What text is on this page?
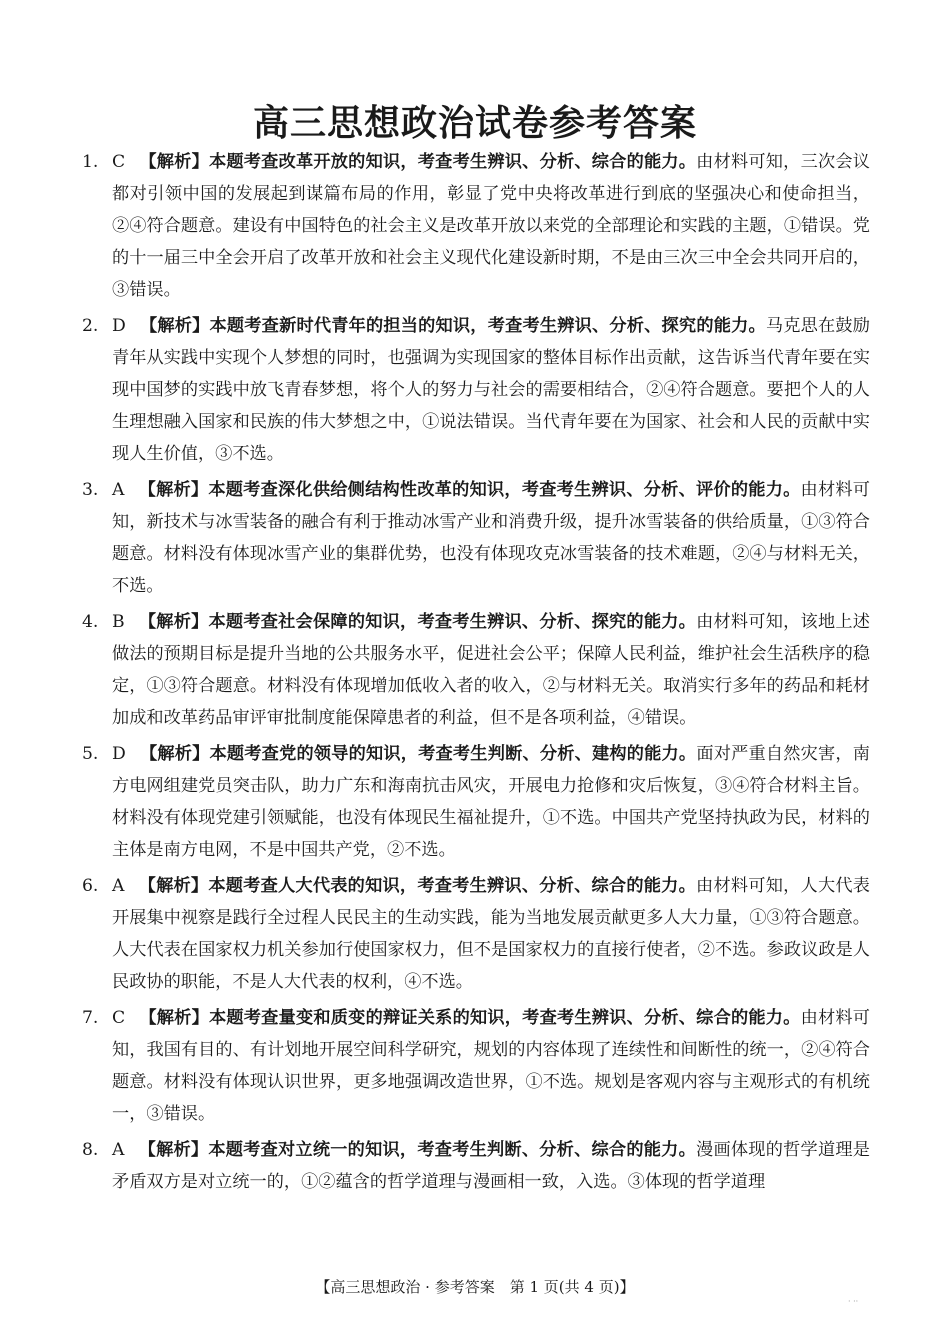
高三思想政治试卷参考答案
1. C 【解析】本题考查改革开放的知识，考查考生辨识、分析、综合的能力。由材料可知，三次会议都对引领中国的发展起到谋篇布局的作用，彰显了党中央将改革进行到底的坚强决心和使命担当，②④符合题意。建设有中国特色的社会主义是改革开放以来党的全部理论和实践的主题，①错误。党的十一届三中全会开启了改革开放和社会主义现代化建设新时期，不是由三次三中全会共同开启的，③错误。
2. D 【解析】本题考查新时代青年的担当的知识，考查考生辨识、分析、探究的能力。马克思在鼓励青年从实践中实现个人梦想的同时，也强调为实现国家的整体目标作出贡献，这告诉当代青年要在实现中国梦的实践中放飞青春梦想，将个人的努力与社会的需要相结合，②④符合题意。要把个人的人生理想融入国家和民族的伟大梦想之中，①说法错误。当代青年要在为国家、社会和人民的贡献中实现人生价值，③不选。
3. A 【解析】本题考查深化供给侧结构性改革的知识，考查考生辨识、分析、评价的能力。由材料可知，新技术与冰雪装备的融合有利于推动冰雪产业和消费升级，提升冰雪装备的供给质量，①③符合题意。材料没有体现冰雪产业的集群优势，也没有体现攻克冰雪装备的技术难题，②④与材料无关，不选。
4. B 【解析】本题考查社会保障的知识，考查考生辨识、分析、探究的能力。由材料可知，该地上述做法的预期目标是提升当地的公共服务水平，促进社会公平；保障人民利益，维护社会生活秩序的稳定，①③符合题意。材料没有体现增加低收入者的收入，②与材料无关。取消实行多年的药品和耗材加成和改革药品审评审批制度能保障患者的利益，但不是各项利益，④错误。
5. D 【解析】本题考查党的领导的知识，考查考生判断、分析、建构的能力。面对严重自然灾害，南方电网组建党员突击队，助力广东和海南抗击风灾，开展电力抢修和灾后恢复，③④符合材料主旨。材料没有体现党建引领赋能，也没有体现民生福祉提升，①不选。中国共产党坚持执政为民，材料的主体是南方电网，不是中国共产党，②不选。
6. A 【解析】本题考查人大代表的知识，考查考生辨识、分析、综合的能力。由材料可知，人大代表开展集中视察是践行全过程人民民主的生动实践，能为当地发展贡献更多人大力量，①③符合题意。人大代表在国家权力机关参加行使国家权力，但不是国家权力的直接行使者，②不选。参政议政是人民政协的职能，不是人大代表的权利，④不选。
7. C 【解析】本题考查量变和质变的辩证关系的知识，考查考生辨识、分析、综合的能力。由材料可知，我国有目的、有计划地开展空间科学研究，规划的内容体现了连续性和间断性的统一，②④符合题意。材料没有体现认识世界，更多地强调改造世界，①不选。规划是客观内容与主观形式的有机统一，③错误。
8. A 【解析】本题考查对立统一的知识，考查考生判断、分析、综合的能力。漫画体现的哲学道理是矛盾双方是对立统一的，①②蕴含的哲学道理与漫画相一致，入选。③体现的哲学道理
【高三思想政治 · 参考答案　第 1 页(共 4 页)】
· ··
